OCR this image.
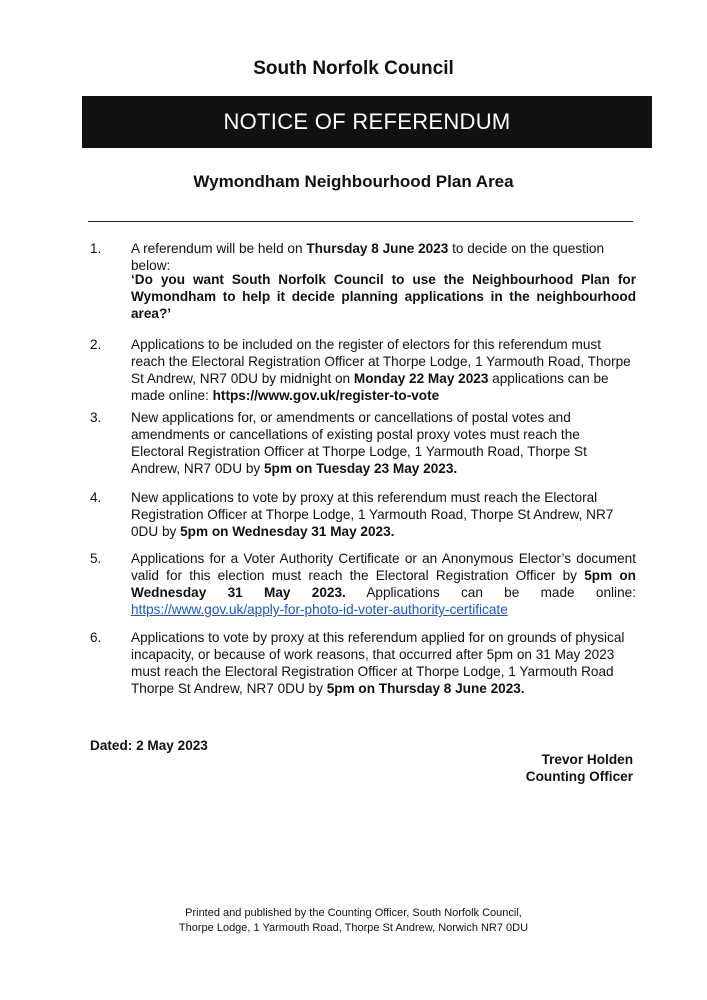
South Norfolk Council
NOTICE OF REFERENDUM
Wymondham Neighbourhood Plan Area
1.	A referendum will be held on Thursday 8 June 2023 to decide on the question below:
‘Do you want South Norfolk Council to use the Neighbourhood Plan for Wymondham to help it decide planning applications in the neighbourhood area?’
2.	Applications to be included on the register of electors for this referendum must reach the Electoral Registration Officer at Thorpe Lodge, 1 Yarmouth Road, Thorpe St Andrew, NR7 0DU by midnight on Monday 22 May 2023 applications can be made online: https://www.gov.uk/register-to-vote
3.	New applications for, or amendments or cancellations of postal votes and amendments or cancellations of existing postal proxy votes must reach the Electoral Registration Officer at Thorpe Lodge, 1 Yarmouth Road, Thorpe St Andrew, NR7 0DU by 5pm on Tuesday 23 May 2023.
4.	New applications to vote by proxy at this referendum must reach the Electoral Registration Officer at Thorpe Lodge, 1 Yarmouth Road, Thorpe St Andrew, NR7 0DU by 5pm on Wednesday 31 May 2023.
5.	Applications for a Voter Authority Certificate or an Anonymous Elector’s document valid for this election must reach the Electoral Registration Officer by 5pm on Wednesday 31 May 2023. Applications can be made online:
https://www.gov.uk/apply-for-photo-id-voter-authority-certificate
6.	Applications to vote by proxy at this referendum applied for on grounds of physical incapacity, or because of work reasons, that occurred after 5pm on 31 May 2023 must reach the Electoral Registration Officer at Thorpe Lodge, 1 Yarmouth Road Thorpe St Andrew, NR7 0DU by 5pm on Thursday 8 June 2023.
Dated: 2 May 2023
Trevor Holden
Counting Officer
Printed and published by the Counting Officer, South Norfolk Council,
Thorpe Lodge, 1 Yarmouth Road, Thorpe St Andrew, Norwich NR7 0DU
